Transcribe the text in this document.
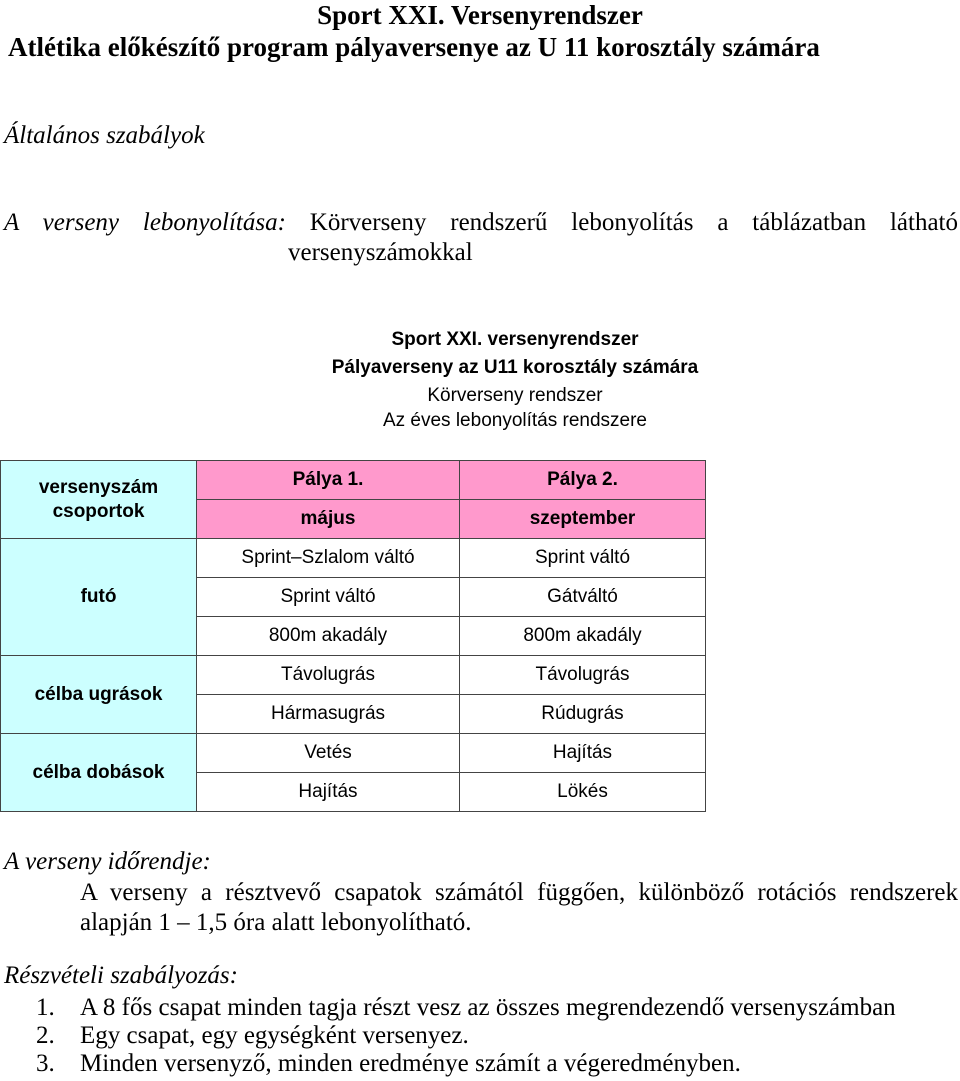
Sport XXI. Versenyrendszer
Atlétika előkészítő program pályaversenye az U 11 korosztály számára
Általános szabályok
A verseny lebonyolítása: Körverseny rendszerű lebonyolítás a táblázatban látható
versenyszámokkal
Sport XXI. versenyrendszer
Pályaverseny az U11 korosztály számára
Körverseny rendszer
Az éves lebonyolítás rendszere
versenyszám
csoportok	Pálya 1.	Pálya 2.
	május	szeptember
futó	Sprint–Szlalom váltó	Sprint váltó
	Sprint váltó	Gátváltó
	800m akadály	800m akadály
célba ugrások	Távolugrás	Távolugrás
	Hármasugrás	Rúdugrás
célba dobások	Vetés	Hajítás
	Hajítás	Lökés
A verseny időrendje:
A verseny a résztvevő csapatok számától függően, különböző rotációs rendszerek
alapján 1 – 1,5 óra alatt lebonyolítható.
Részvételi szabályozás:
1. A 8 fős csapat minden tagja részt vesz az összes megrendezendő versenyszámban
2. Egy csapat, egy egységként versenyez.
3. Minden versenyző, minden eredménye számít a végeredményben.
